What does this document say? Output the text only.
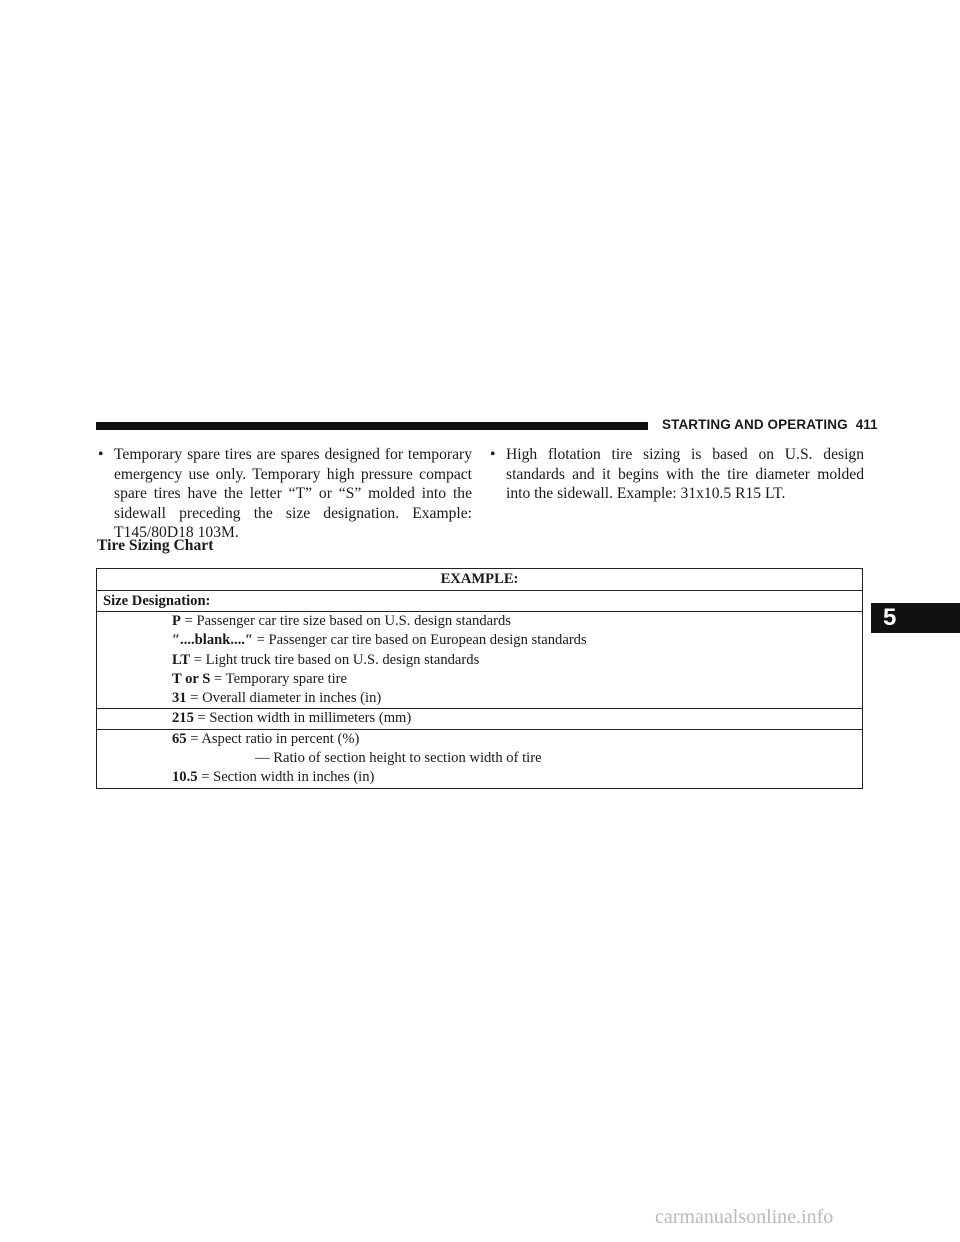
STARTING AND OPERATING 411
• Temporary spare tires are spares designed for temporary emergency use only. Temporary high pressure compact spare tires have the letter “T” or “S” molded into the sidewall preceding the size designation. Example: T145/80D18 103M.
• High flotation tire sizing is based on U.S. design standards and it begins with the tire diameter molded into the sidewall. Example: 31x10.5 R15 LT.
Tire Sizing Chart
EXAMPLE:
Size Designation:

P = Passenger car tire size based on U.S. design standards
″....blank....″ = Passenger car tire based on European design standards
LT = Light truck tire based on U.S. design standards
T or S = Temporary spare tire
31 = Overall diameter in inches (in)

215 = Section width in millimeters (mm)

65 = Aspect ratio in percent (%)
— Ratio of section height to section width of tire
10.5 = Section width in inches (in)
5
carmanualsonline.info
